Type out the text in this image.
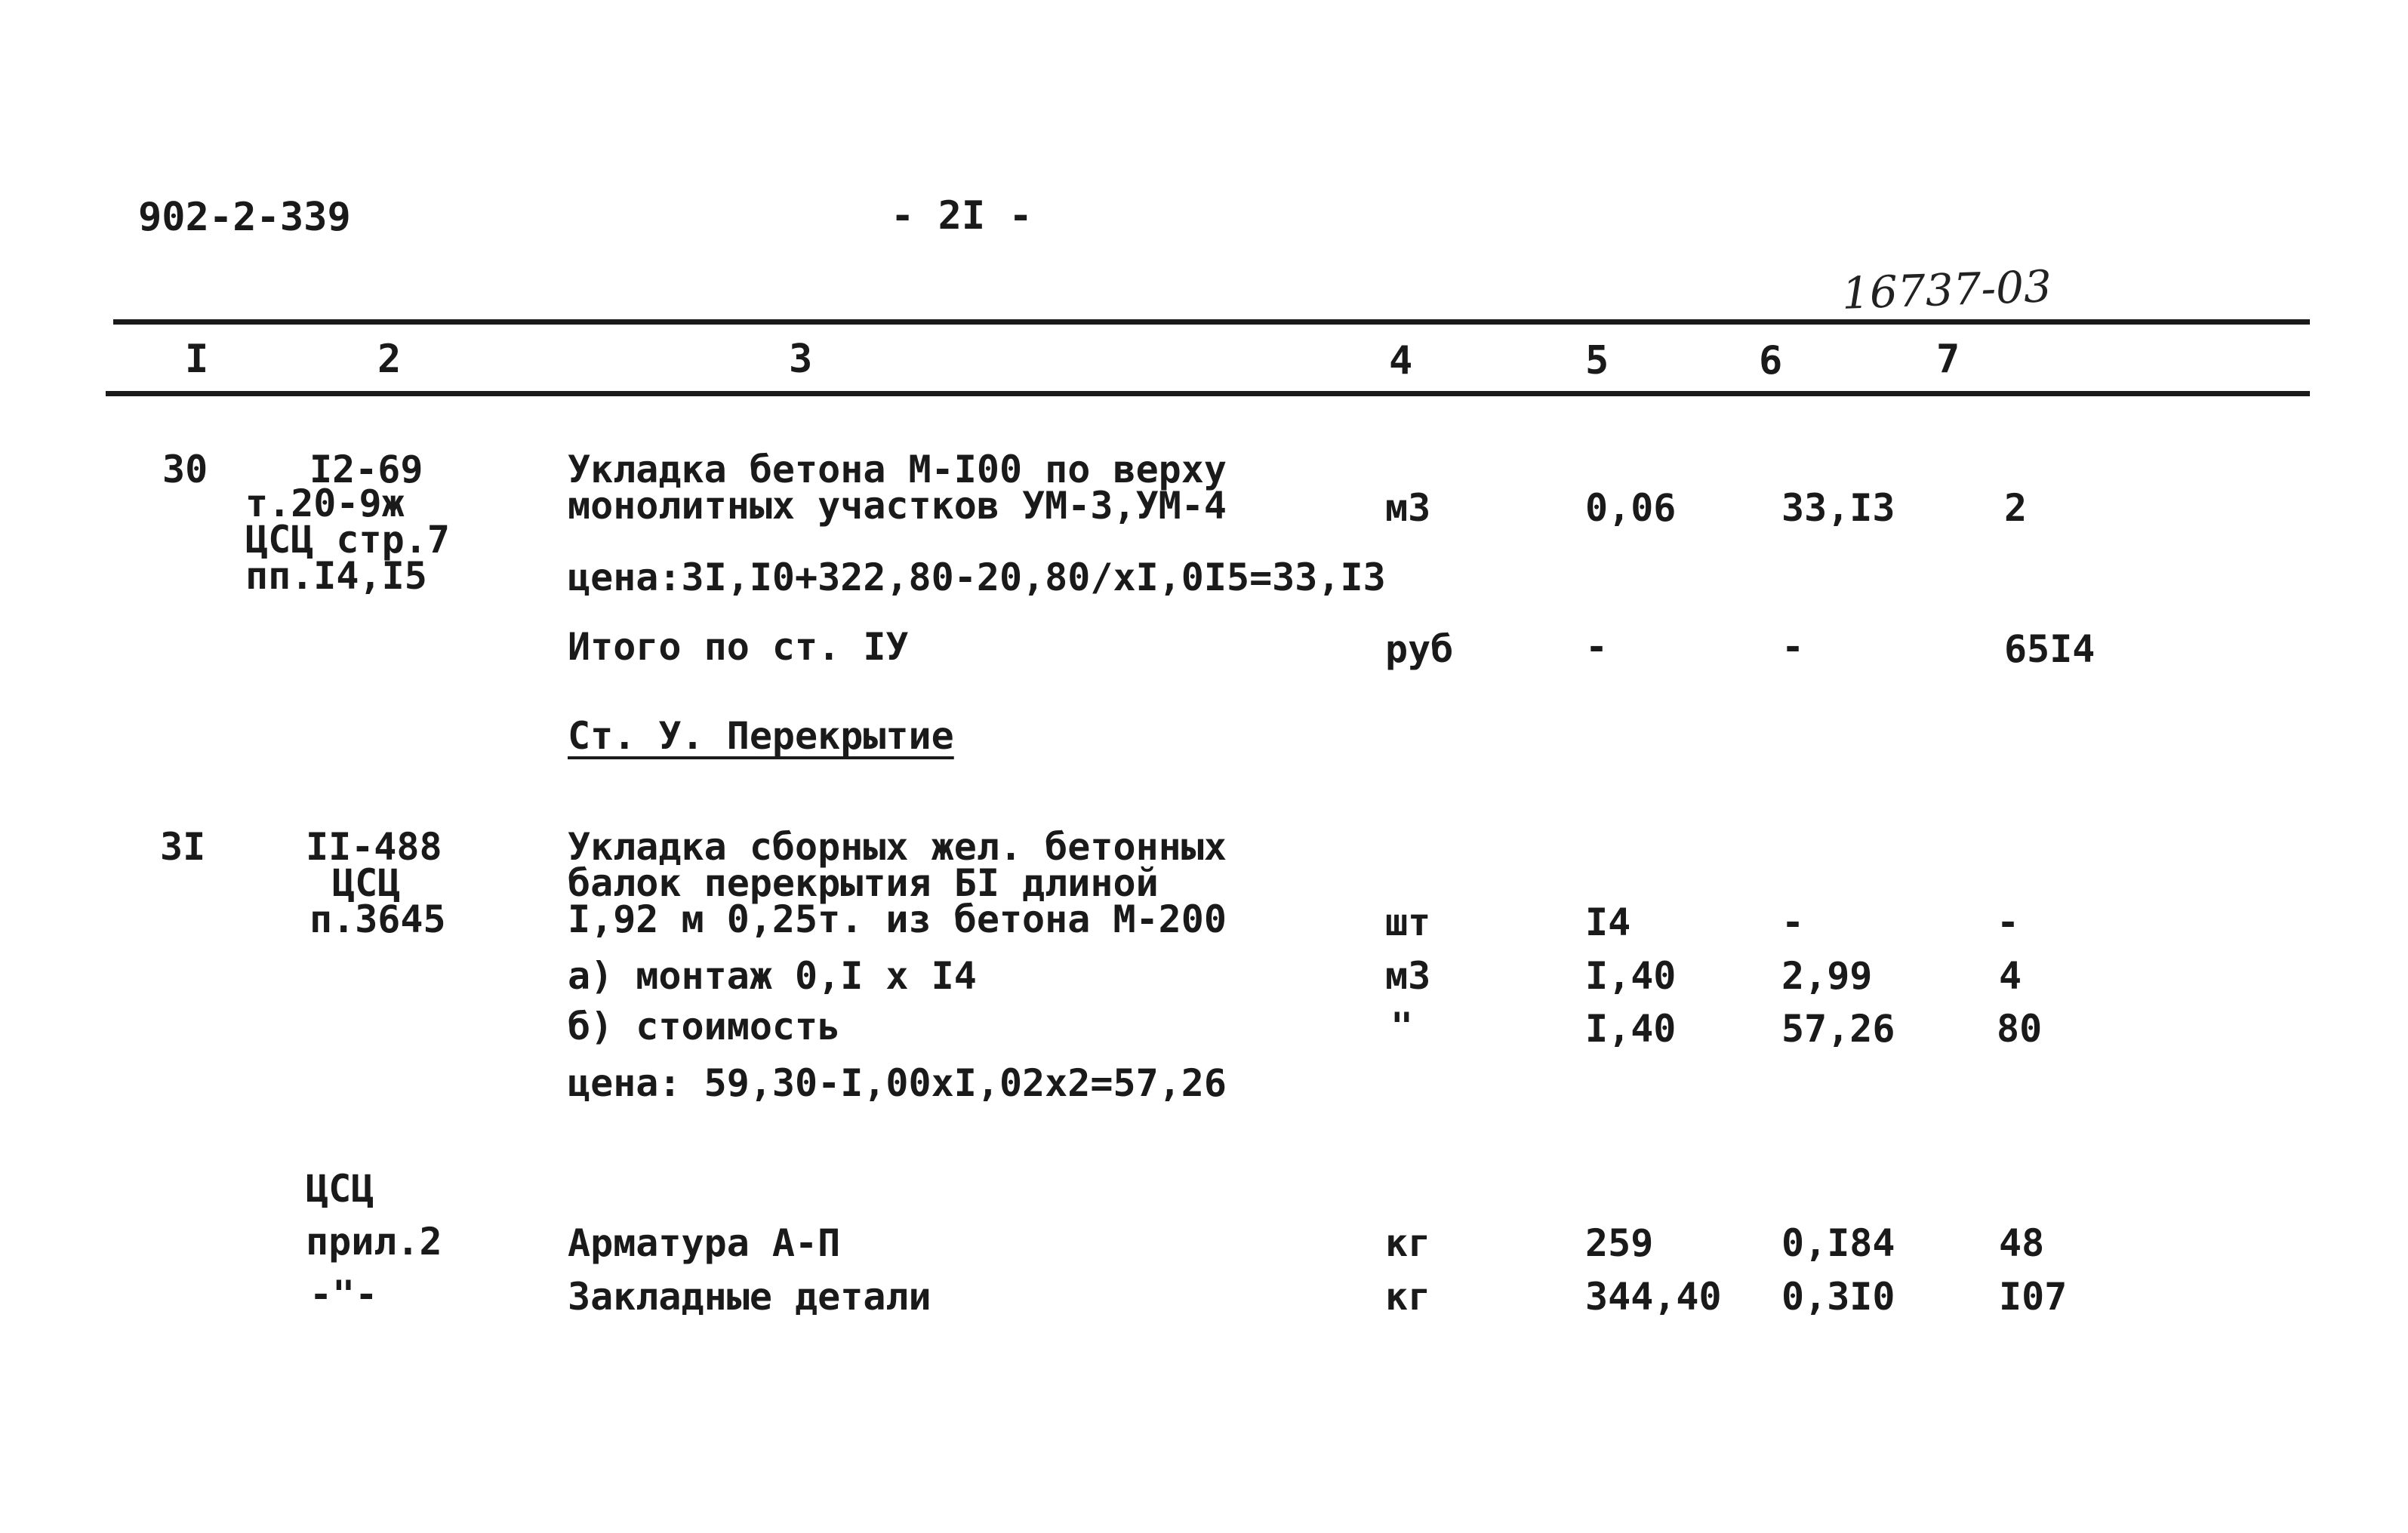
902-2-339	- 2I -
16737-03
I	2	3	4	5	6	7
30	I2-69
т.20-9ж
ЦСЦ стр.7
пп.I4,I5
Укладка бетона М-I00 по верху
монолитных участков УМ-3,УМ-4	м3	0,06	33,I3	2
цена:3I,I0+322,80-20,80/хI,0I5=33,I3
Итого по ст. IУ	руб	-	-	65I4
Ст. У. Перекрытие
3I	II-488
ЦСЦ
п.3645
Укладка сборных жел. бетонных
балок перекрытия БI длиной
I,92 м 0,25т. из бетона М-200	шт	I4	-	-
а) монтаж 0,I х I4	м3	I,40	2,99	4
б) стоимость	"	I,40	57,26	80
цена: 59,30-I,00хI,02х2=57,26
ЦСЦ
прил.2
-"-
Арматура А-П	кг	259	0,I84	48
Закладные детали	кг	344,40 0,3I0	I07
